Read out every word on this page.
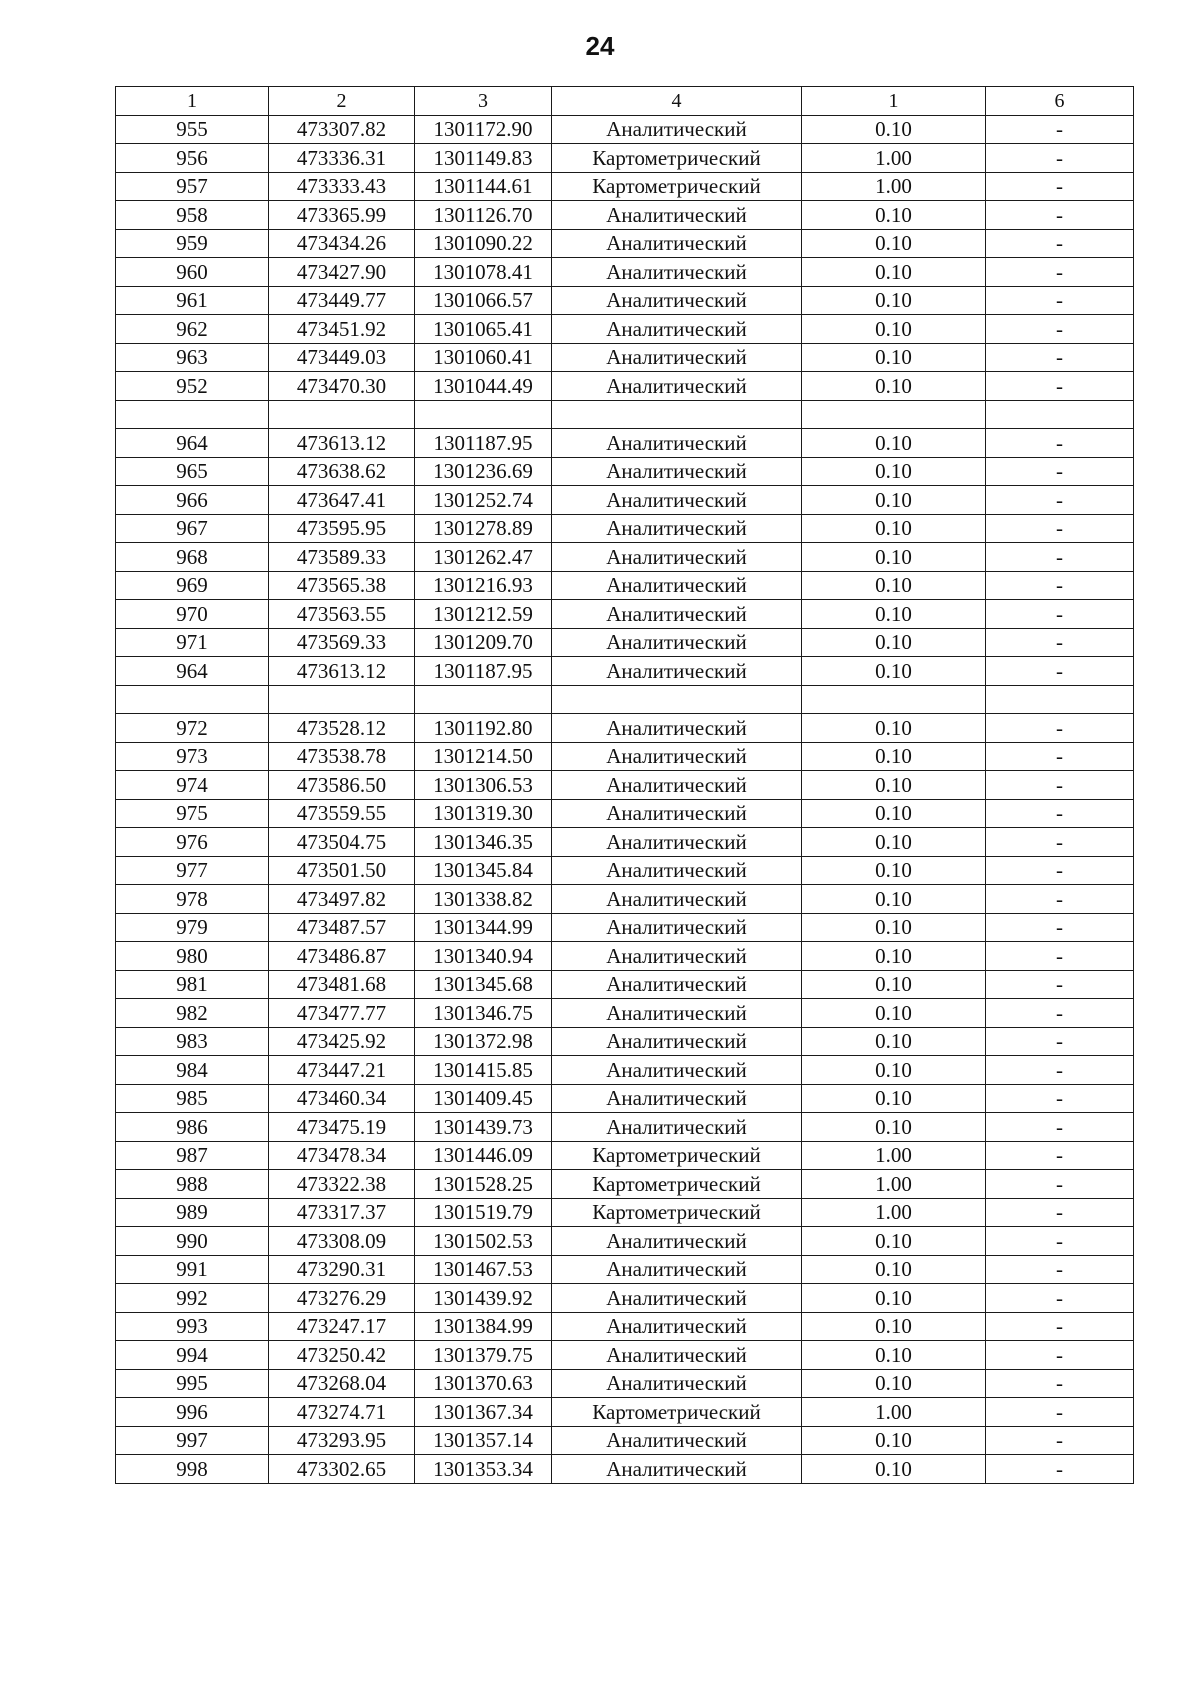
24
1	2	3	4	1	6
955	473307.82	1301172.90	Аналитический	0.10	-
956	473336.31	1301149.83	Картометрический	1.00	-
957	473333.43	1301144.61	Картометрический	1.00	-
958	473365.99	1301126.70	Аналитический	0.10	-
959	473434.26	1301090.22	Аналитический	0.10	-
960	473427.90	1301078.41	Аналитический	0.10	-
961	473449.77	1301066.57	Аналитический	0.10	-
962	473451.92	1301065.41	Аналитический	0.10	-
963	473449.03	1301060.41	Аналитический	0.10	-
952	473470.30	1301044.49	Аналитический	0.10	-

964	473613.12	1301187.95	Аналитический	0.10	-
965	473638.62	1301236.69	Аналитический	0.10	-
966	473647.41	1301252.74	Аналитический	0.10	-
967	473595.95	1301278.89	Аналитический	0.10	-
968	473589.33	1301262.47	Аналитический	0.10	-
969	473565.38	1301216.93	Аналитический	0.10	-
970	473563.55	1301212.59	Аналитический	0.10	-
971	473569.33	1301209.70	Аналитический	0.10	-
964	473613.12	1301187.95	Аналитический	0.10	-

972	473528.12	1301192.80	Аналитический	0.10	-
973	473538.78	1301214.50	Аналитический	0.10	-
974	473586.50	1301306.53	Аналитический	0.10	-
975	473559.55	1301319.30	Аналитический	0.10	-
976	473504.75	1301346.35	Аналитический	0.10	-
977	473501.50	1301345.84	Аналитический	0.10	-
978	473497.82	1301338.82	Аналитический	0.10	-
979	473487.57	1301344.99	Аналитический	0.10	-
980	473486.87	1301340.94	Аналитический	0.10	-
981	473481.68	1301345.68	Аналитический	0.10	-
982	473477.77	1301346.75	Аналитический	0.10	-
983	473425.92	1301372.98	Аналитический	0.10	-
984	473447.21	1301415.85	Аналитический	0.10	-
985	473460.34	1301409.45	Аналитический	0.10	-
986	473475.19	1301439.73	Аналитический	0.10	-
987	473478.34	1301446.09	Картометрический	1.00	-
988	473322.38	1301528.25	Картометрический	1.00	-
989	473317.37	1301519.79	Картометрический	1.00	-
990	473308.09	1301502.53	Аналитический	0.10	-
991	473290.31	1301467.53	Аналитический	0.10	-
992	473276.29	1301439.92	Аналитический	0.10	-
993	473247.17	1301384.99	Аналитический	0.10	-
994	473250.42	1301379.75	Аналитический	0.10	-
995	473268.04	1301370.63	Аналитический	0.10	-
996	473274.71	1301367.34	Картометрический	1.00	-
997	473293.95	1301357.14	Аналитический	0.10	-
998	473302.65	1301353.34	Аналитический	0.10	-
